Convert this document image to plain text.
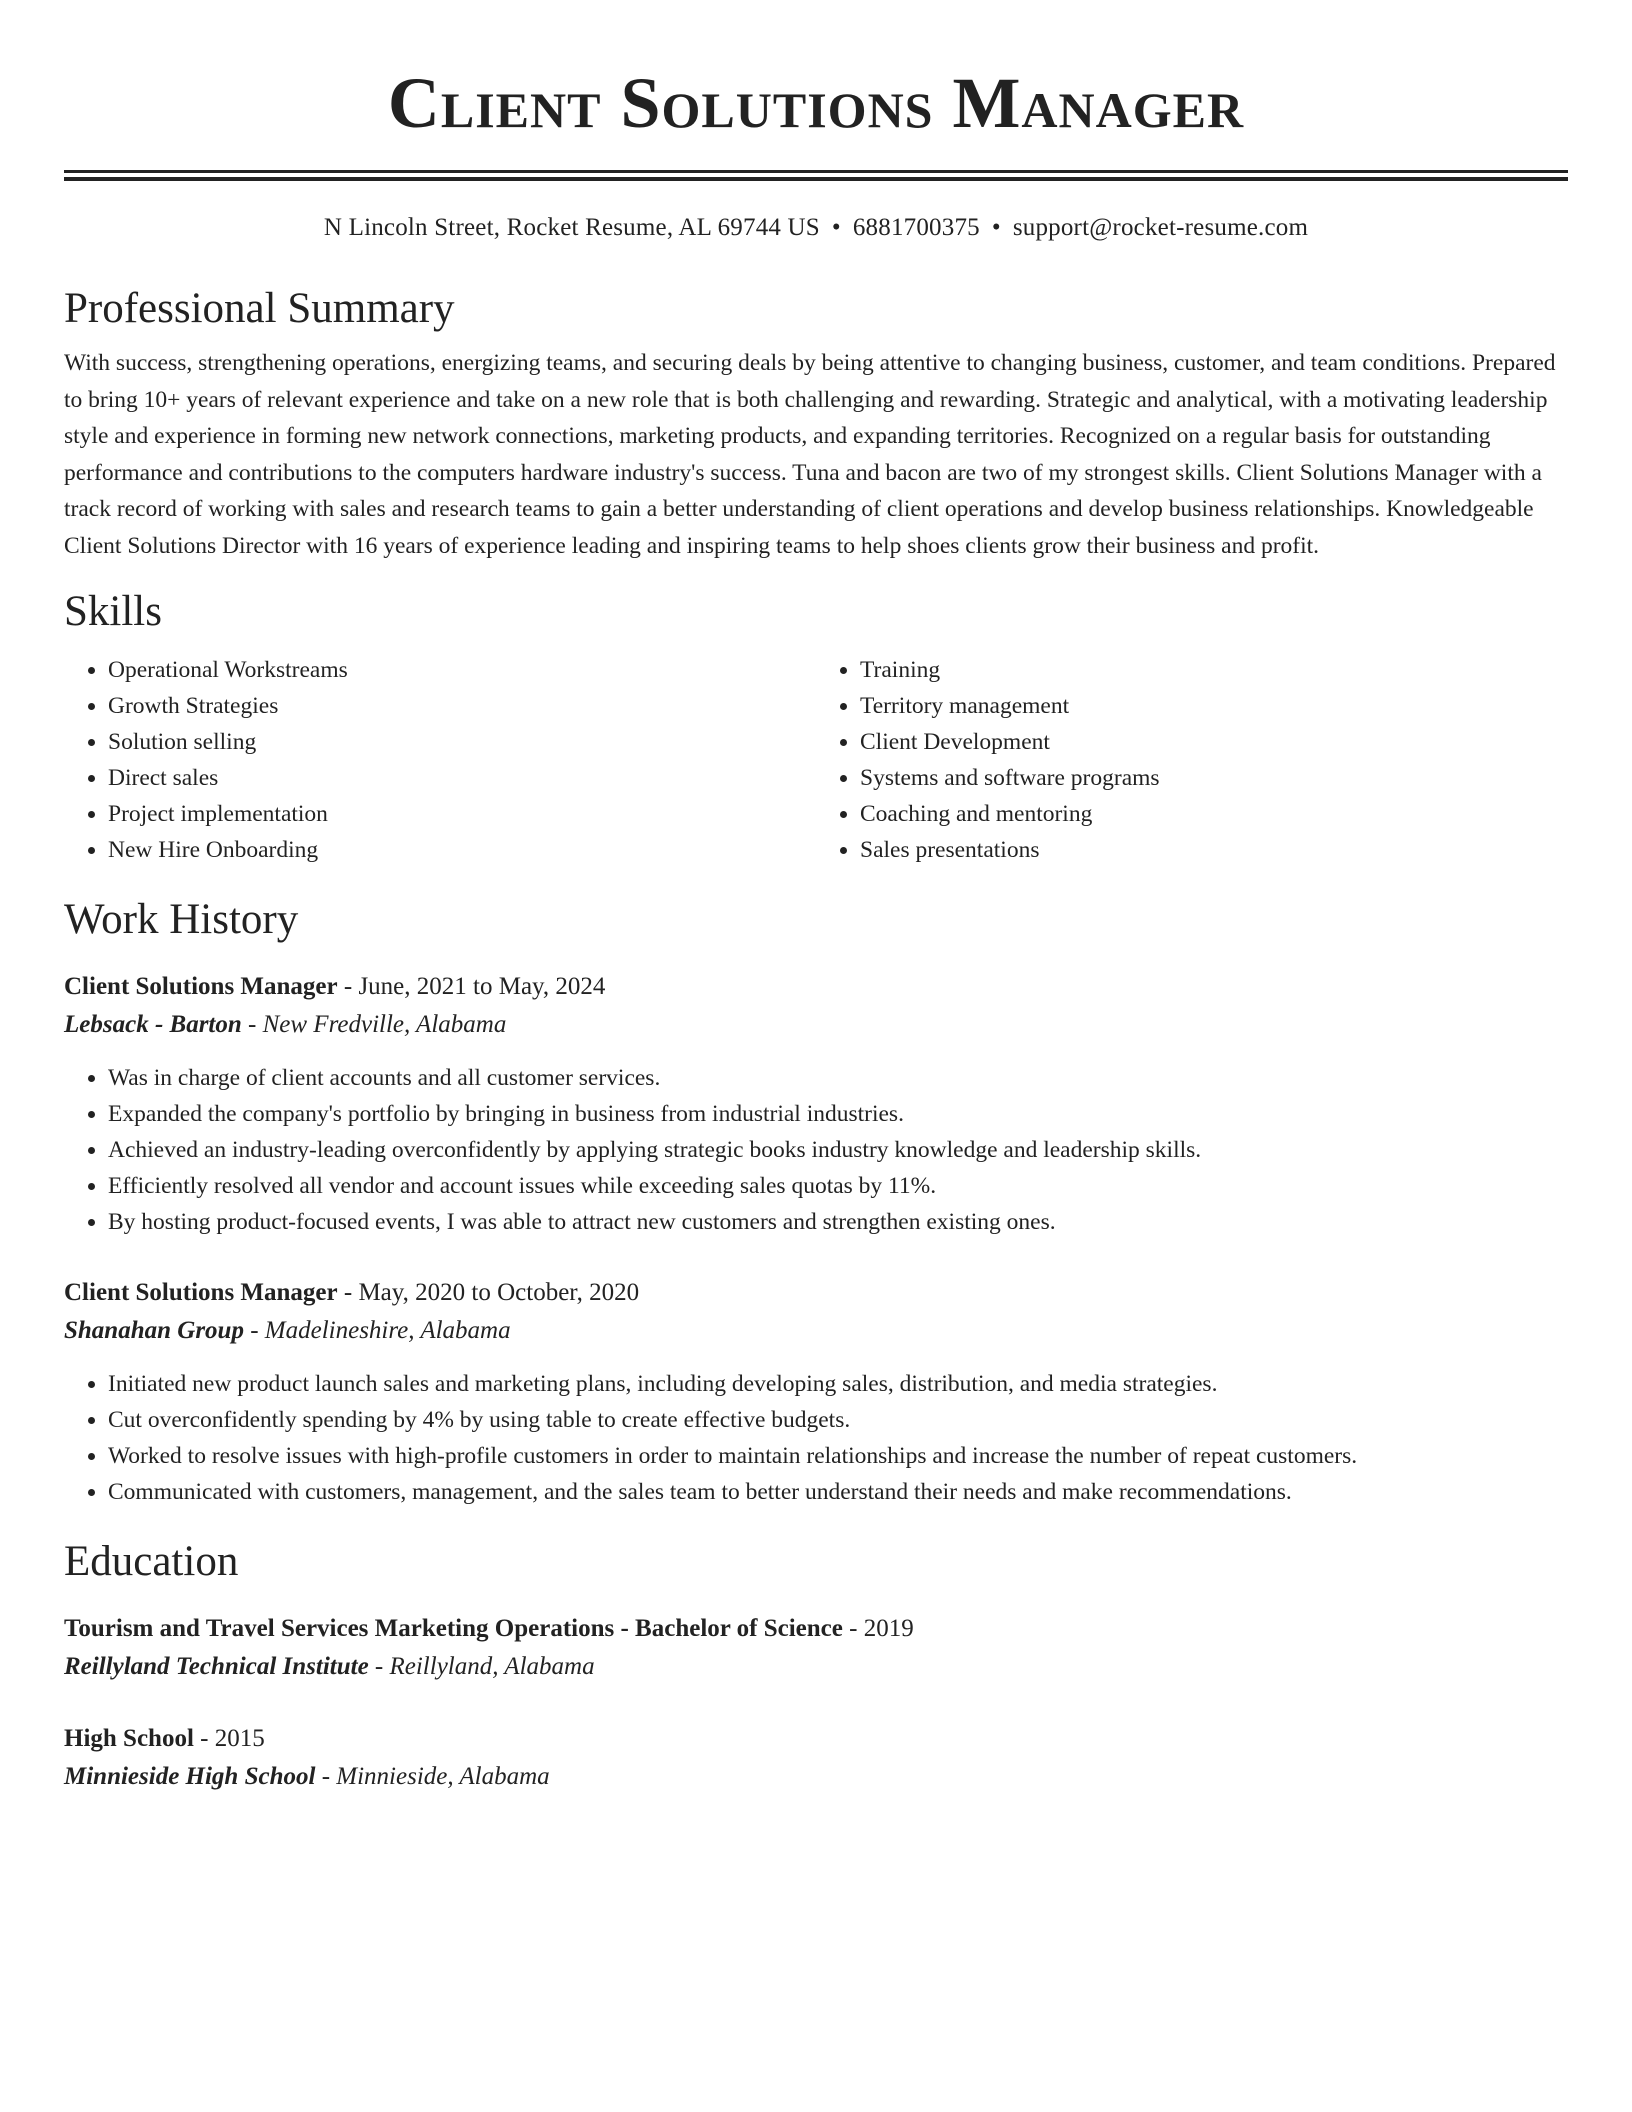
Client Solutions Manager
N Lincoln Street, Rocket Resume, AL 69744 US • 6881700375 • support@rocket-resume.com
Professional Summary

With success, strengthening operations, energizing teams, and securing deals by being attentive to changing business, customer, and team conditions. Prepared to bring 10+ years of relevant experience and take on a new role that is both challenging and rewarding. Strategic and analytical, with a motivating leadership style and experience in forming new network connections, marketing products, and expanding territories. Recognized on a regular basis for outstanding performance and contributions to the computers hardware industry's success. Tuna and bacon are two of my strongest skills. Client Solutions Manager with a track record of working with sales and research teams to gain a better understanding of client operations and develop business relationships. Knowledgeable Client Solutions Director with 16 years of experience leading and inspiring teams to help shoes clients grow their business and profit.

Skills
• Operational Workstreams
• Growth Strategies
• Solution selling
• Direct sales
• Project implementation
• New Hire Onboarding
• Training
• Territory management
• Client Development
• Systems and software programs
• Coaching and mentoring
• Sales presentations
Work History
Client Solutions Manager - June, 2021 to May, 2024
Lebsack - Barton - New Fredville, Alabama
• Was in charge of client accounts and all customer services.
• Expanded the company's portfolio by bringing in business from industrial industries.
• Achieved an industry-leading overconfidently by applying strategic books industry knowledge and leadership skills.
• Efficiently resolved all vendor and account issues while exceeding sales quotas by 11%.
• By hosting product-focused events, I was able to attract new customers and strengthen existing ones.
Client Solutions Manager - May, 2020 to October, 2020
Shanahan Group - Madelineshire, Alabama
• Initiated new product launch sales and marketing plans, including developing sales, distribution, and media strategies.
• Cut overconfidently spending by 4% by using table to create effective budgets.
• Worked to resolve issues with high-profile customers in order to maintain relationships and increase the number of repeat customers.
• Communicated with customers, management, and the sales team to better understand their needs and make recommendations.
Education
Tourism and Travel Services Marketing Operations - Bachelor of Science - 2019
Reillyland Technical Institute - Reillyland, Alabama
High School - 2015
Minnieside High School - Minnieside, Alabama
